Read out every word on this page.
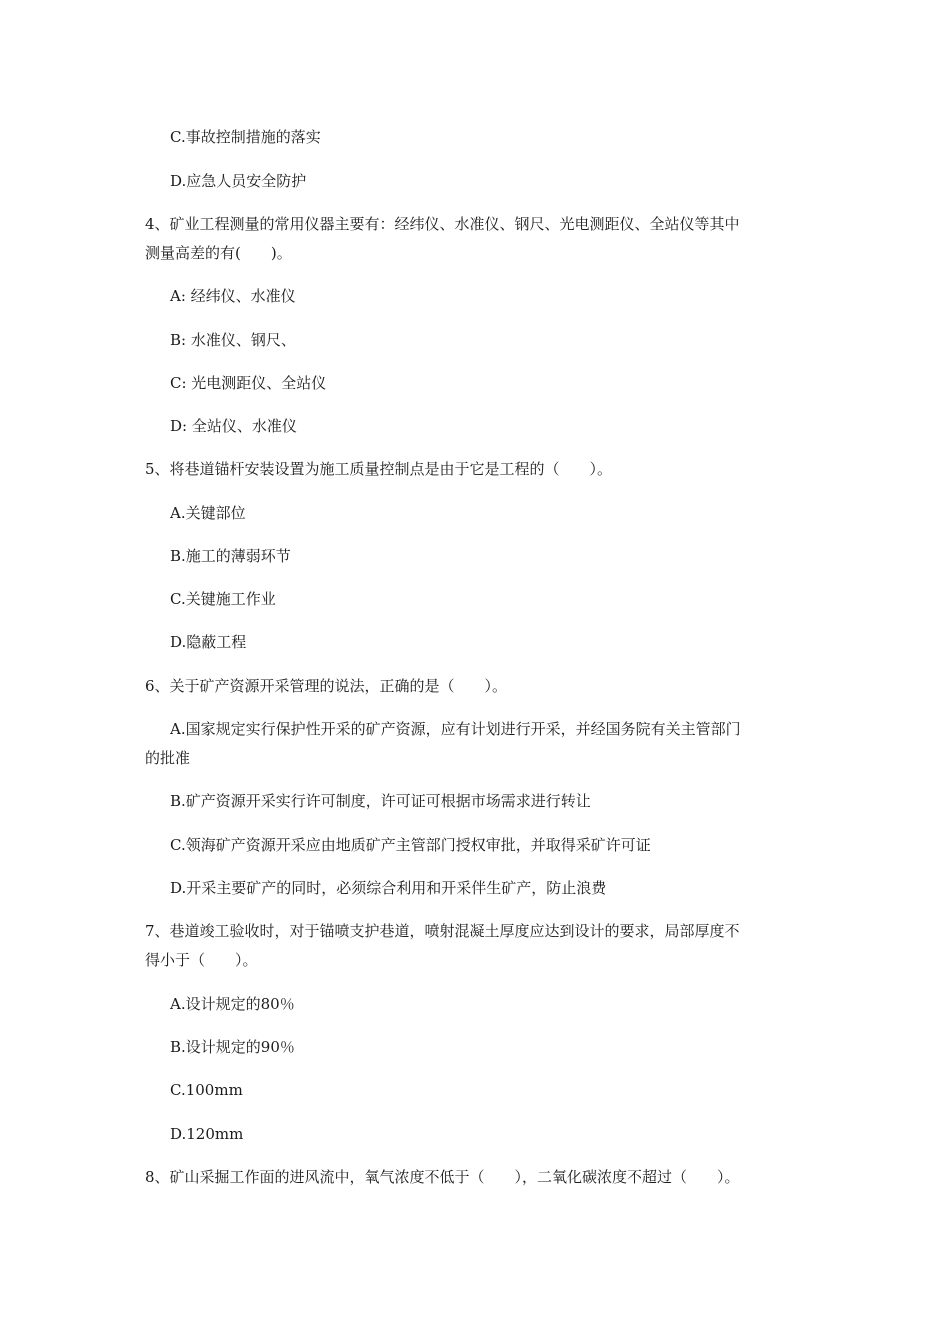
C.事故控制措施的落实

D.应急人员安全防护

4、矿业工程测量的常用仪器主要有：经纬仪、水准仪、钢尺、光电测距仪、全站仪等其中

测量高差的有(　　)。

A: 经纬仪、水准仪

B: 水准仪、钢尺、

C: 光电测距仪、全站仪

D: 全站仪、水准仪

5、将巷道锚杆安装设置为施工质量控制点是由于它是工程的（　　）。

A.关键部位

B.施工的薄弱环节

C.关键施工作业

D.隐蔽工程

6、关于矿产资源开采管理的说法，正确的是（　　）。

A.国家规定实行保护性开采的矿产资源，应有计划进行开采，并经国务院有关主管部门

的批准

B.矿产资源开采实行许可制度，许可证可根据市场需求进行转让

C.领海矿产资源开采应由地质矿产主管部门授权审批，并取得采矿许可证

D.开采主要矿产的同时，必须综合利用和开采伴生矿产，防止浪费

7、巷道竣工验收时，对于锚喷支护巷道，喷射混凝土厚度应达到设计的要求，局部厚度不

得小于（　　）。

A.设计规定的80％

B.设计规定的90％

C.100mm

D.120mm

8、矿山采掘工作面的进风流中，氧气浓度不低于（　　），二氧化碳浓度不超过（　　）。
